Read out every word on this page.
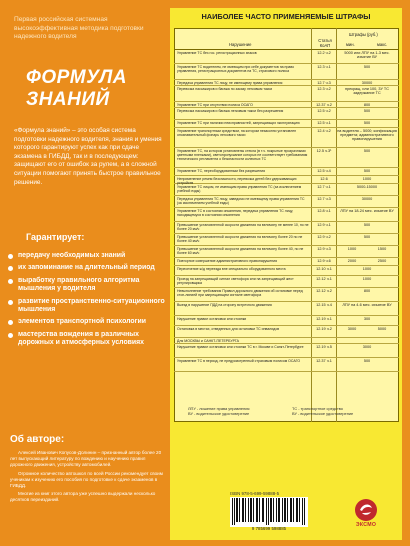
Первая российская системная высокоэффективная методика подготовки надежного водителя
ФОРМУЛА
ЗНАНИЙ
«Формула знаний» – это особая система подготовки надежного водителя, знания и умения которого гарантируют успех как при сдаче экзамена в ГИБДД, так и в последующем: защищают его от ошибок за рулем, а в сложной ситуации помогают принять быстрое правильное решение.
Гарантирует:
передачу необходимых знаний
их запоминание на длительный период
выработку правильного алгоритма мышления у водителя
развитие пространственно-ситуационного мышления
элементов транспортной психологии
мастерства вождения в различных дорожных и атмосферных условиях
Об авторе:

Алексей Иванович Копусов-Долинин – признанный автор более 20 лет выпускающий литературу по вождению и научению правил дорожного движения, устройству автомобилей.

Огромное количество автошкол по всей России рекомендует своим ученикам к изучению его пособия по подготовке к сдаче экзаменов в ГИБДД.

Многие из книг этого автора уже успешно выдержали несколько десятков переизданий.

НАИБОЛЕЕ ЧАСТО ПРИМЕНЯЕМЫЕ ШТРАФЫ
Нарушение
Статья КоАП
Штрафы (руб.)
мин.	макс.
Управление ТС без гос. регистрационных знаков	12.2 ч.2	5000 или ЛПУ на 1-3 мес. изъятие ВУ
Управление ТС водителем, не имеющим при себе документов на право управления, регистрационных документов на ТС, страхового полиса
12.3 ч.1	500
Передача управления ТС лицу, не имеющему права управления	12.7 ч.3	30000
Перевозка пассажиров и багажа по заказу легковым такси	12.3 ч.2	прекращ. или 100, 3У ТС задержание ТС
Управление ТС при отсутствии полиса ОСАГО	12.37 ч.2	800
Перевозка пассажиров и багажа легковым такси без разрешения	12.5 ч.2	500
Управление ТС при наличии неисправностей, запрещающих эксплуатацию	12.5 ч.1	500
Управление транспортным средством, на котором незаконно установлен опознавательный фонарь легкового такси
12.4 ч.2	на водителя – 5000; конфискация предмета; административного правонарушения
Управление ТС, на котором установлены стекла (в т.ч. покрытые прозрачными цветными пленками), светопропускание которых не соответствует требованиям технического регламента о безопасности колесных ТС
12.5 ч.3¹	500
Управление ТС, переоборудованным без разрешения	12.5 ч.4	500
Неприменение ремня безопасности, перевозка детей без удерживающих устройств
12.6	1000
Управление ТС лицом, не имеющим права управления ТС (за исключением учебной езды)
12.7 ч.1	5000-15000
Передача управления ТС лицу, заведомо не имеющему права управления ТС (за исключением учебной езды)
12.7 ч.3	30000
Управление ТС в состоянии опьянения, передача управления ТС лицу, находящемуся в состоянии опьянения
12.8 ч.1	ЛПУ на 18-24 мес. изъятие ВУ
Превышение установленной скорости движения на величину не менее 10, но не более 20 км/ч
12.9 ч.1	500
Превышение установленной скорости движения на величину более 20 но не более 40 км/ч
12.9 ч.2	500
Превышение установленной скорости движения на величину более 40, но не более 60 км/ч
12.9 ч.3	1000	1500
Повторное совершение административного правонарушения	12.9 ч.6	2000	2500
Пересечение ж/д переезда вне специально оборудованного места	12.10 ч.1	1000
Проезд на запрещающий сигнал светофора или на запрещающий жест регулировщика
12.12 ч.1	1000
Невыполнение требования Правил дорожного движения об остановке перед стоп-линией при запрещающем сигнале светофора
12.12 ч.2	800
Выезд в нарушение ПДД на сторону встречного движения	12.15 ч.4	ЛПУ на 4-6 мес. изъятие ВУ
Нарушение правил остановки или стоянки	12.19 ч.1	300
Остановка в местах, отведенных для остановки ТС инвалидов	12.19 ч.2	3000	5000
Для МОСКВЫ и САНКТ-ПЕТЕРБУРГА
Нарушение правил остановки или стоянки ТС в г. Москве и Санкт-Петербурге	12.19 ч.5	3000
Управление ТС в период, не предусмотренный страховым полисом ОСАГО	12.37 ч.1	500
ЛПУ - лишение права управления
ВУ - водительское удостоверение
ТС - транспортное средство
ВУ - водительское удостоверение
ISBN 978-5-699-59888-5
9 785699 598885
ЭКСМО
